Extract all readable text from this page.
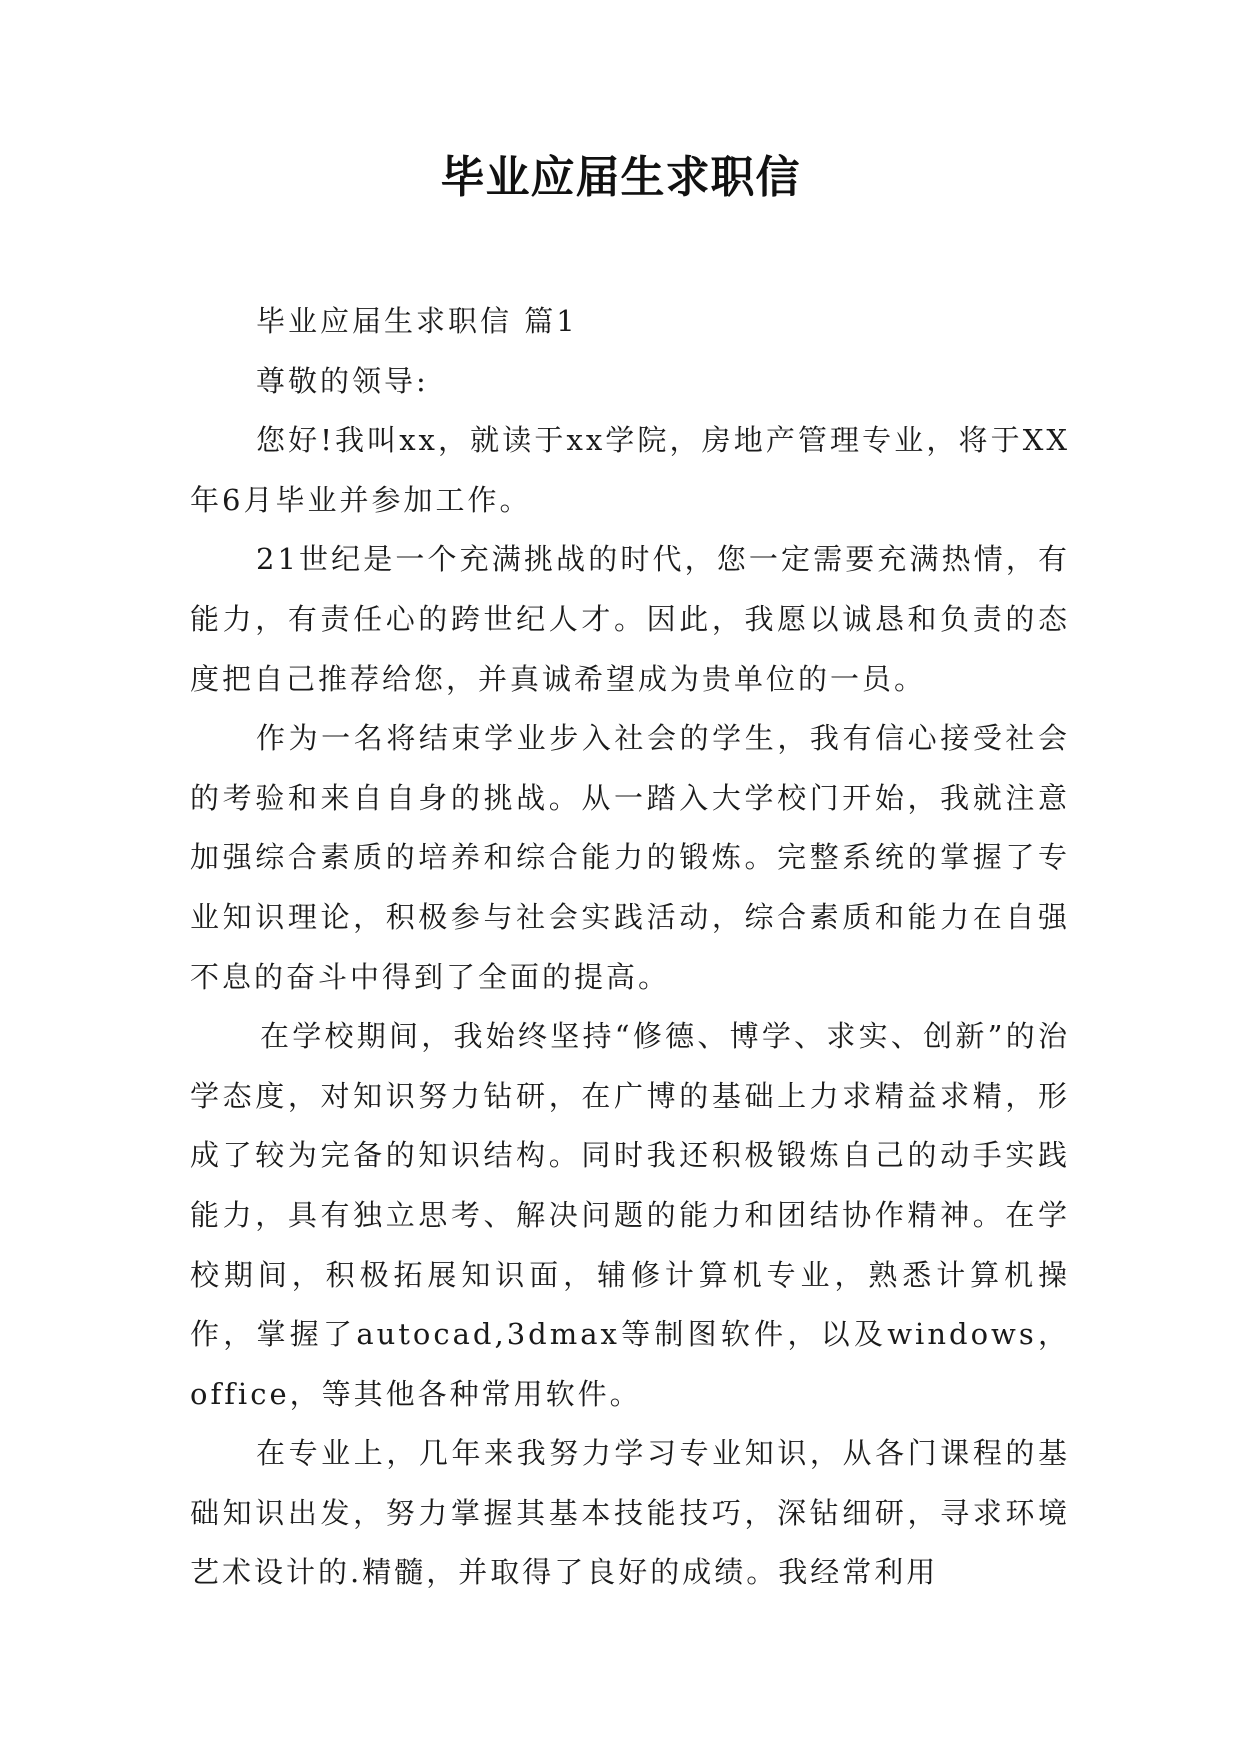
毕业应届生求职信

毕业应届生求职信 篇1

尊敬的领导:

您好!我叫xx，就读于xx学院，房地产管理专业，将于XX年6月毕业并参加工作。

21世纪是一个充满挑战的时代，您一定需要充满热情，有能力，有责任心的跨世纪人才。因此，我愿以诚恳和负责的态度把自己推荐给您，并真诚希望成为贵单位的一员。

作为一名将结束学业步入社会的学生，我有信心接受社会的考验和来自自身的挑战。从一踏入大学校门开始，我就注意加强综合素质的培养和综合能力的锻炼。完整系统的掌握了专业知识理论，积极参与社会实践活动，综合素质和能力在自强不息的奋斗中得到了全面的提高。

在学校期间，我始终坚持“修德、博学、求实、创新”的治学态度，对知识努力钻研，在广博的基础上力求精益求精，形成了较为完备的知识结构。同时我还积极锻炼自己的动手实践能力，具有独立思考、解决问题的能力和团结协作精神。在学校期间，积极拓展知识面，辅修计算机专业，熟悉计算机操作，掌握了autocad,3dmax等制图软件，以及windows，office，等其他各种常用软件。

在专业上，几年来我努力学习专业知识，从各门课程的基础知识出发，努力掌握其基本技能技巧，深钻细研，寻求环境艺术设计的.精髓，并取得了良好的成绩。我经常利用
